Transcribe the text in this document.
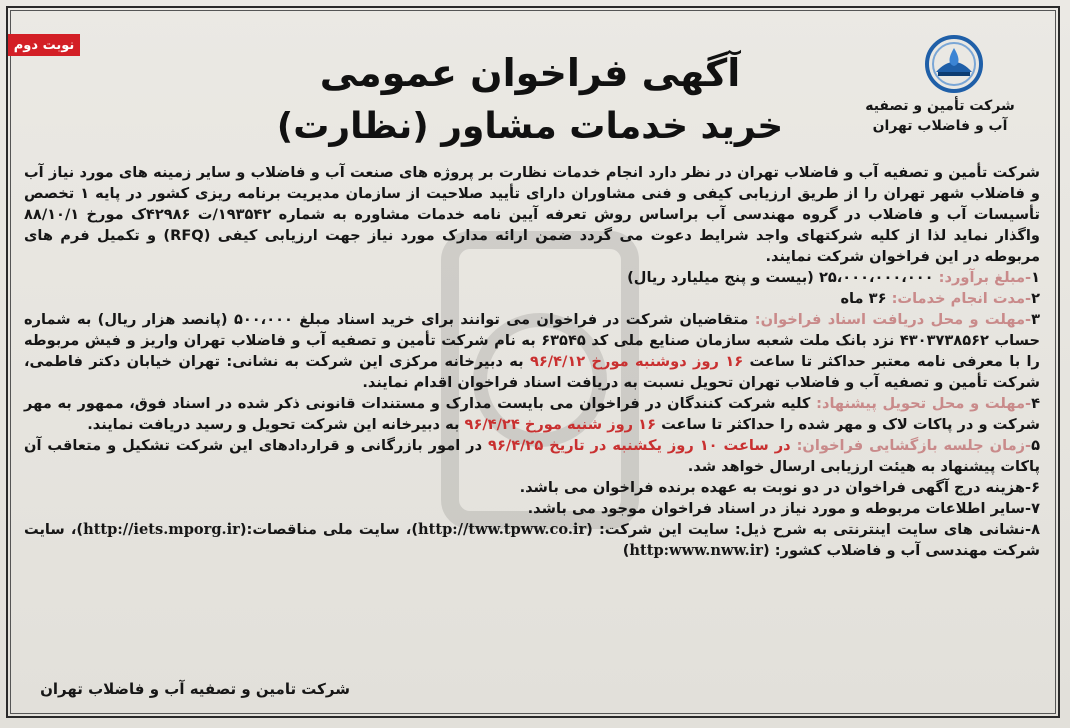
نوبت دوم
شرکت تأمین و تصفیه
آب و فاضلاب تهران
آگهی فراخوان عمومی
خرید خدمات مشاور (نظارت)

شرکت تأمین و تصفیه آب و فاضلاب تهران در نظر دارد انجام خدمات نظارت بر پروژه های صنعت آب و فاضلاب و سایر زمینه های مورد نیاز آب و فاضلاب شهر تهران را از طریق ارزیابی کیفی و فنی مشاوران دارای تأیید صلاحیت از سازمان مدیریت برنامه ریزی کشور در پایه ۱ تخصص تأسیسات آب و فاضلاب در گروه مهندسی آب براساس روش تعرفه آیین نامه خدمات مشاوره به شماره ۱۹۳۵۴۲/ت ۴۲۹۸۶ک مورخ ۸۸/۱۰/۱ واگذار نماید لذا از کلیه شرکتهای واجد شرایط دعوت می گردد ضمن ارائه مدارک مورد نیاز جهت ارزیابی کیفی (RFQ) و تکمیل فرم های مربوطه در این فراخوان شرکت نمایند.

۱-مبلغ برآورد: ۲۵،۰۰۰،۰۰۰،۰۰۰ (بیست و پنج میلیارد ریال)

۲-مدت انجام خدمات: ۳۶ ماه

۳-مهلت و محل دریافت اسناد فراخوان: متقاضیان شرکت در فراخوان می توانند برای خرید اسناد مبلغ ۵۰۰،۰۰۰ (پانصد هزار ریال) به شماره حساب ۴۳۰۳۷۳۸۵۶۲ نزد بانک ملت شعبه سازمان صنایع ملی کد ۶۳۵۴۵ به نام شرکت تأمین و تصفیه آب و فاضلاب تهران واریز و فیش مربوطه را با معرفی نامه معتبر حداکثر تا ساعت ۱۶ روز دوشنبه مورخ ۹۶/۴/۱۲ به دبیرخانه مرکزی این شرکت به نشانی: تهران خیابان دکتر فاطمی، شرکت تأمین و تصفیه آب و فاضلاب تهران تحویل نسبت به دریافت اسناد فراخوان اقدام نمایند.

۴-مهلت و محل تحویل پیشنهاد: کلیه شرکت کنندگان در فراخوان می بایست مدارک و مستندات قانونی ذکر شده در اسناد فوق، ممهور به مهر شرکت و در پاکات لاک و مهر شده را حداکثر تا ساعت ۱۶ روز شنبه مورخ ۹۶/۴/۲۴ به دبیرخانه این شرکت تحویل و رسید دریافت نمایند.

۵-زمان جلسه بازگشایی فراخوان: در ساعت ۱۰ روز یکشنبه در تاریخ ۹۶/۴/۲۵ در امور بازرگانی و قراردادهای این شرکت تشکیل و متعاقب آن پاکات پیشنهاد به هیئت ارزیابی ارسال خواهد شد.

۶-هزینه درج آگهی فراخوان در دو نوبت به عهده برنده فراخوان می باشد.

۷-سایر اطلاعات مربوطه و مورد نیاز در اسناد فراخوان موجود می باشد.

۸-نشانی های سایت اینترنتی به شرح ذیل: سایت این شرکت: (http://tww.tpww.co.ir)، سایت ملی مناقصات:(http://iets.mporg.ir)، سایت شرکت مهندسی آب و فاضلاب کشور: (http:www.nww.ir)

شرکت تامین و تصفیه آب و فاضلاب تهران
